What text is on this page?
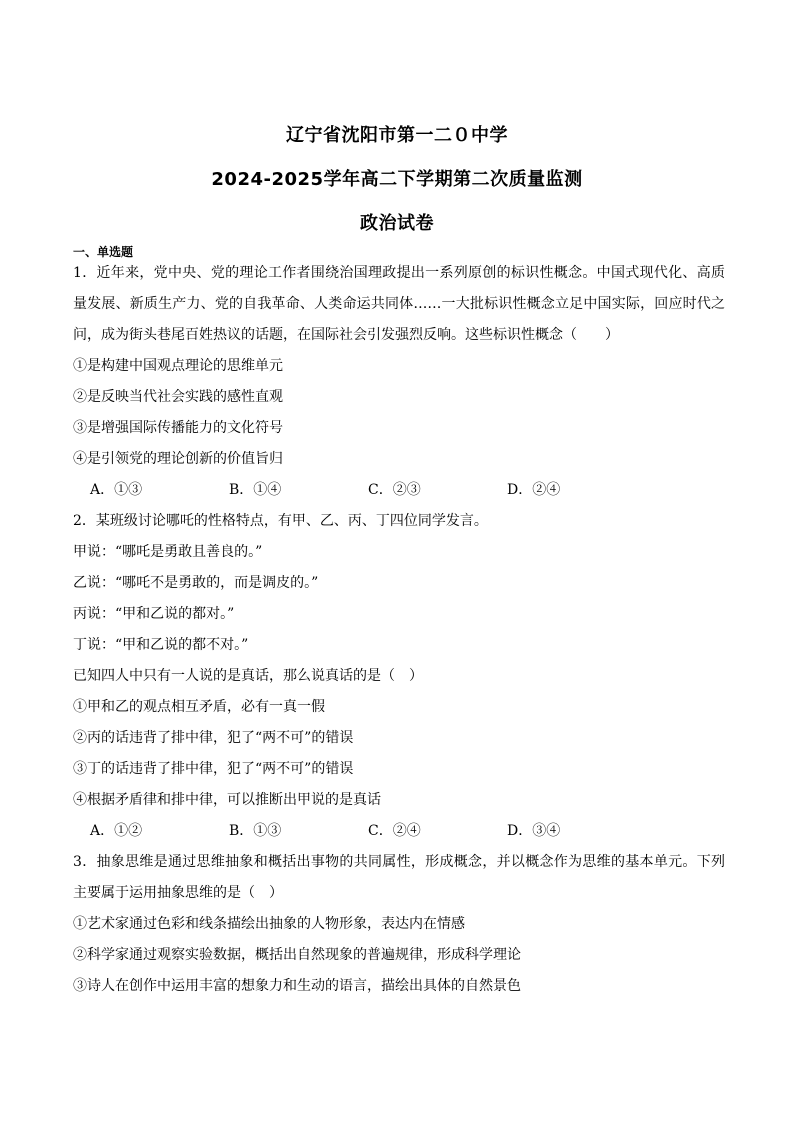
辽宁省沈阳市第一二０中学
2024-2025学年高二下学期第二次质量监测
政治试卷
一、单选题
1．近年来，党中央、党的理论工作者围绕治国理政提出一系列原创的标识性概念。中国式现代化、高质量发展、新质生产力、党的自我革命、人类命运共同体……一大批标识性概念立足中国实际，回应时代之问，成为街头巷尾百姓热议的话题，在国际社会引发强烈反响。这些标识性概念（　　）
①是构建中国观点理论的思维单元
②是反映当代社会实践的感性直观
③是增强国际传播能力的文化符号
④是引领党的理论创新的价值旨归
A．①③	B．①④	C．②③	D．②④
2．某班级讨论哪吒的性格特点，有甲、乙、丙、丁四位同学发言。
甲说：“哪吒是勇敢且善良的。”
乙说：“哪吒不是勇敢的，而是调皮的。”
丙说：“甲和乙说的都对。”
丁说：“甲和乙说的都不对。”
已知四人中只有一人说的是真话，那么说真话的是（　）
①甲和乙的观点相互矛盾，必有一真一假
②丙的话违背了排中律，犯了“两不可”的错误
③丁的话违背了排中律，犯了“两不可”的错误
④根据矛盾律和排中律，可以推断出甲说的是真话
A．①②	B．①③	C．②④	D．③④
3．抽象思维是通过思维抽象和概括出事物的共同属性，形成概念，并以概念作为思维的基本单元。下列主要属于运用抽象思维的是（　）
①艺术家通过色彩和线条描绘出抽象的人物形象，表达内在情感
②科学家通过观察实验数据，概括出自然现象的普遍规律，形成科学理论
③诗人在创作中运用丰富的想象力和生动的语言，描绘出具体的自然景色
